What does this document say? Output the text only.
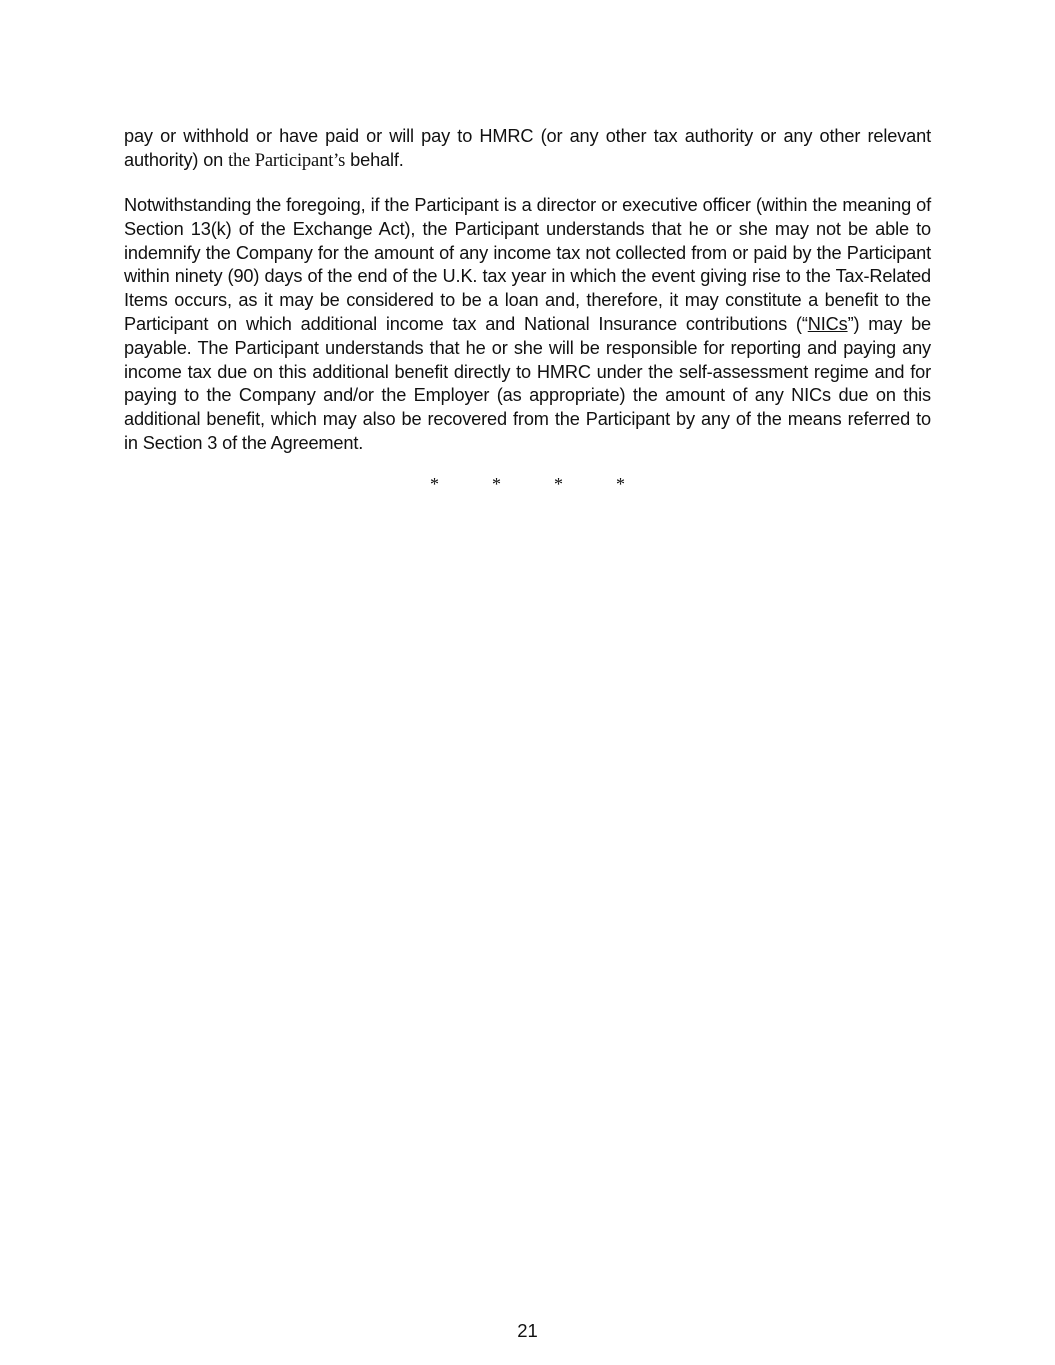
pay or withhold or have paid or will pay to HMRC (or any other tax authority or any other relevant authority) on the Participant’s behalf.

Notwithstanding the foregoing, if the Participant is a director or executive officer (within the meaning of Section 13(k) of the Exchange Act), the Participant understands that he or she may not be able to indemnify the Company for the amount of any income tax not collected from or paid by the Participant within ninety (90) days of the end of the U.K. tax year in which the event giving rise to the Tax-Related Items occurs, as it may be considered to be a loan and, therefore, it may constitute a benefit to the Participant on which additional income tax and National Insurance contributions (“NICs”) may be payable. The Participant understands that he or she will be responsible for reporting and paying any income tax due on this additional benefit directly to HMRC under the self-assessment regime and for paying to the Company and/or the Employer (as appropriate) the amount of any NICs due on this additional benefit, which may also be recovered from the Participant by any of the means referred to in Section 3 of the Agreement.

*	*	*	*
21
